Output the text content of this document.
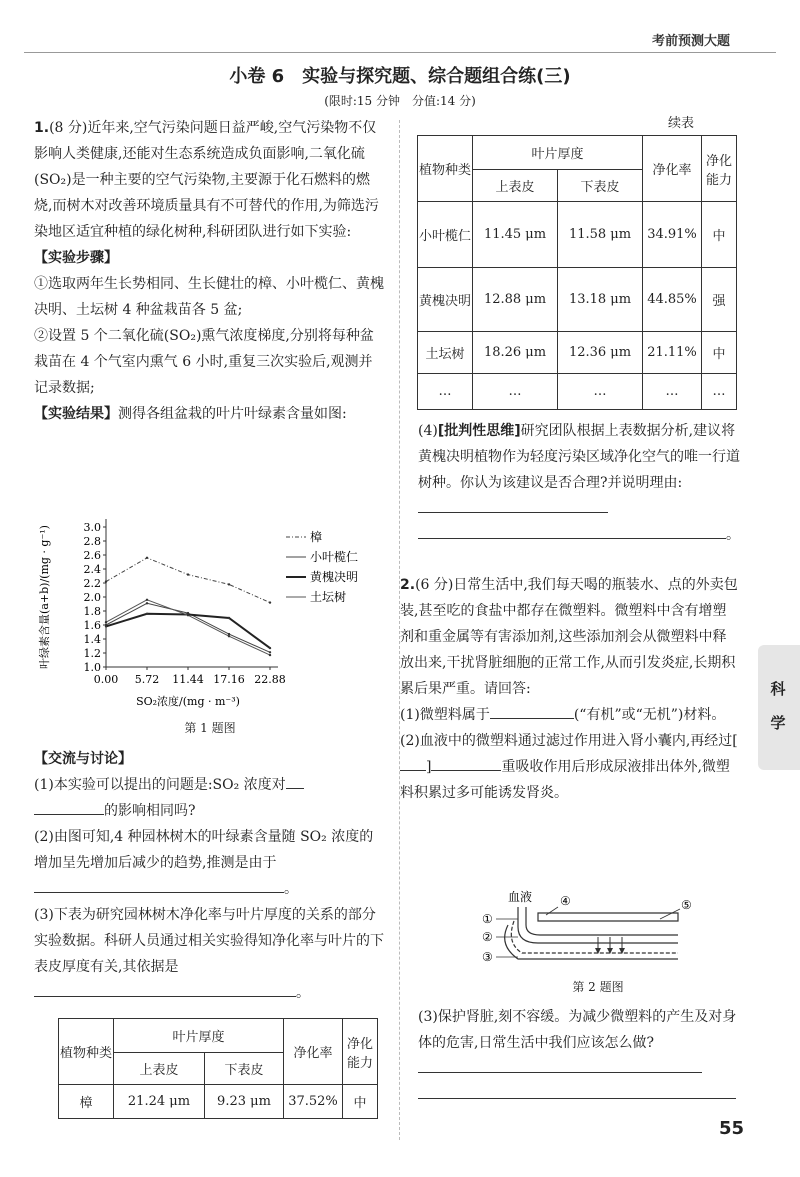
考前预测大题
小卷 6　实验与探究题、综合题组合练(三)
(限时:15 分钟　分值:14 分)

1.(8 分)近年来,空气污染问题日益严峻,空气污染物不仅影响人类健康,还能对生态系统造成负面影响,二氧化硫(SO₂)是一种主要的空气污染物,主要源于化石燃料的燃烧,而树木对改善环境质量具有不可替代的作用,为筛选污染地区适宜种植的绿化树种,科研团队进行如下实验:

【实验步骤】

①选取两年生长势相同、生长健壮的樟、小叶榄仁、黄槐决明、土坛树 4 种盆栽苗各 5 盆;

②设置 5 个二氧化硫(SO₂)熏气浓度梯度,分别将每种盆栽苗在 4 个气室内熏气 6 小时,重复三次实验后,观测并记录数据;

【实验结果】测得各组盆栽的叶片叶绿素含量如图:

1.0
1.2
1.4
1.6
1.8
2.0
2.2
2.4
2.6
2.8
3.0
0.00 5.72 11.44 17.16 22.88
SO₂浓度/(mg · m⁻³)
叶绿素含量(a+b)/(mg · g⁻¹)	樟
小叶榄仁
黄槐决明
土坛树
第 1 题图

【交流与讨论】

(1)本实验可以提出的问题是:SO₂ 浓度对
的影响相同吗?

(2)由图可知,4 种园林树木的叶绿素含量随 SO₂ 浓度的增加呈先增加后减少的趋势,推测是由于。

(3)下表为研究园林树木净化率与叶片厚度的关系的部分实验数据。科研人员通过相关实验得知净化率与叶片的下表皮厚度有关,其依据是。

植物种类	叶片厚度		净化率	净化能力
	上表皮	下表皮		
樟	21.24 μm	9.23 μm	37.52%	中
续表
植物种类	叶片厚度		净化率	净化能力
	上表皮	下表皮		
小叶榄仁	11.45 μm	11.58 μm	34.91%	中
黄槐决明	12.88 μm	13.18 μm	44.85%	强
土坛树	18.26 μm	12.36 μm	21.11%	中
…	…	…	…	…

(4)[批判性思维]研究团队根据上表数据分析,建议将黄槐决明植物作为轻度污染区域净化空气的唯一行道树种。你认为该建议是否合理?并说明理由:
。

2.(6 分)日常生活中,我们每天喝的瓶装水、点的外卖包装,甚至吃的食盐中都存在微塑料。微塑料中含有增塑剂和重金属等有害添加剂,这些添加剂会从微塑料中释放出来,干扰肾脏细胞的正常工作,从而引发炎症,长期积累后果严重。请回答:

(1)微塑料属于	(“有机”或“无机”)材料。

(2)血液中的微塑料通过滤过作用进入肾小囊内,再经过[]	重吸收作用后形成尿液排出体外,微塑料积累过多可能诱发肾炎。

血液
①
②
③
④	⑤
第 2 题图

(3)保护肾脏,刻不容缓。为减少微塑料的产生及对身体的危害,日常生活中我们应该怎么做?

科
学
55
